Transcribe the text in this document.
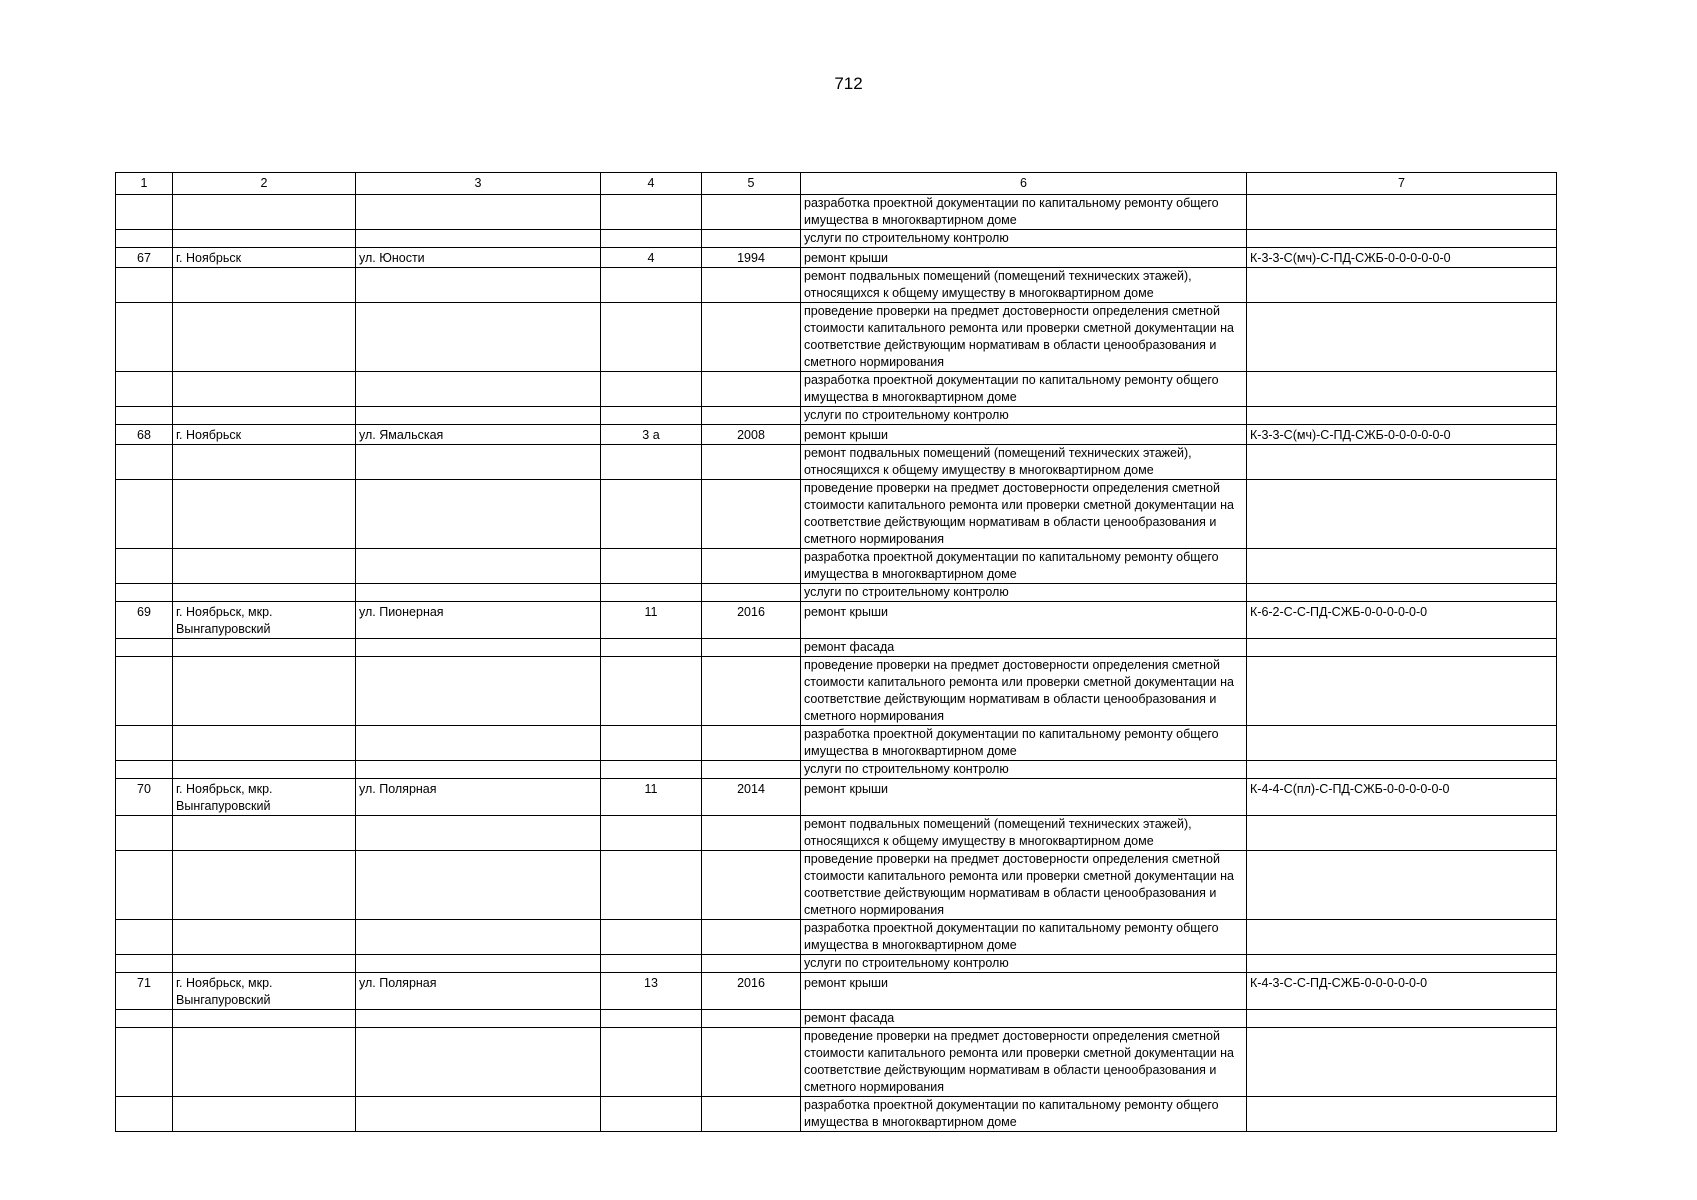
712
1	2	3	4	5	6	7
					разработка проектной документации по капитальному ремонту общего имущества в многоквартирном доме	
					услуги по строительному контролю	
67	г. Ноябрьск	ул. Юности	4	1994	ремонт крыши	К-3-3-С(мч)-С-ПД-СЖБ-0-0-0-0-0-0
					ремонт подвальных помещений (помещений технических этажей), относящихся к общему имуществу в многоквартирном доме	
					проведение проверки на предмет достоверности определения сметной стоимости капитального ремонта или проверки сметной документации на соответствие действующим нормативам в области ценообразования и сметного нормирования	
					разработка проектной документации по капитальному ремонту общего имущества в многоквартирном доме	
					услуги по строительному контролю	
68	г. Ноябрьск	ул. Ямальская	3 а	2008	ремонт крыши	К-3-3-С(мч)-С-ПД-СЖБ-0-0-0-0-0-0
					ремонт подвальных помещений (помещений технических этажей), относящихся к общему имуществу в многоквартирном доме	
					проведение проверки на предмет достоверности определения сметной стоимости капитального ремонта или проверки сметной документации на соответствие действующим нормативам в области ценообразования и сметного нормирования	
					разработка проектной документации по капитальному ремонту общего имущества в многоквартирном доме	
					услуги по строительному контролю	
69	г. Ноябрьск, мкр. Вынгапуровский	ул. Пионерная	11	2016	ремонт крыши	К-6-2-С-С-ПД-СЖБ-0-0-0-0-0-0
					ремонт фасада	
					проведение проверки на предмет достоверности определения сметной стоимости капитального ремонта или проверки сметной документации на соответствие действующим нормативам в области ценообразования и сметного нормирования	
					разработка проектной документации по капитальному ремонту общего имущества в многоквартирном доме	
					услуги по строительному контролю	
70	г. Ноябрьск, мкр. Вынгапуровский	ул. Полярная	11	2014	ремонт крыши	К-4-4-С(пл)-С-ПД-СЖБ-0-0-0-0-0-0
					ремонт подвальных помещений (помещений технических этажей), относящихся к общему имуществу в многоквартирном доме	
					проведение проверки на предмет достоверности определения сметной стоимости капитального ремонта или проверки сметной документации на соответствие действующим нормативам в области ценообразования и сметного нормирования	
					разработка проектной документации по капитальному ремонту общего имущества в многоквартирном доме	
					услуги по строительному контролю	
71	г. Ноябрьск, мкр. Вынгапуровский	ул. Полярная	13	2016	ремонт крыши	К-4-3-С-С-ПД-СЖБ-0-0-0-0-0-0
					ремонт фасада	
					проведение проверки на предмет достоверности определения сметной стоимости капитального ремонта или проверки сметной документации на соответствие действующим нормативам в области ценообразования и сметного нормирования	
					разработка проектной документации по капитальному ремонту общего имущества в многоквартирном доме	
